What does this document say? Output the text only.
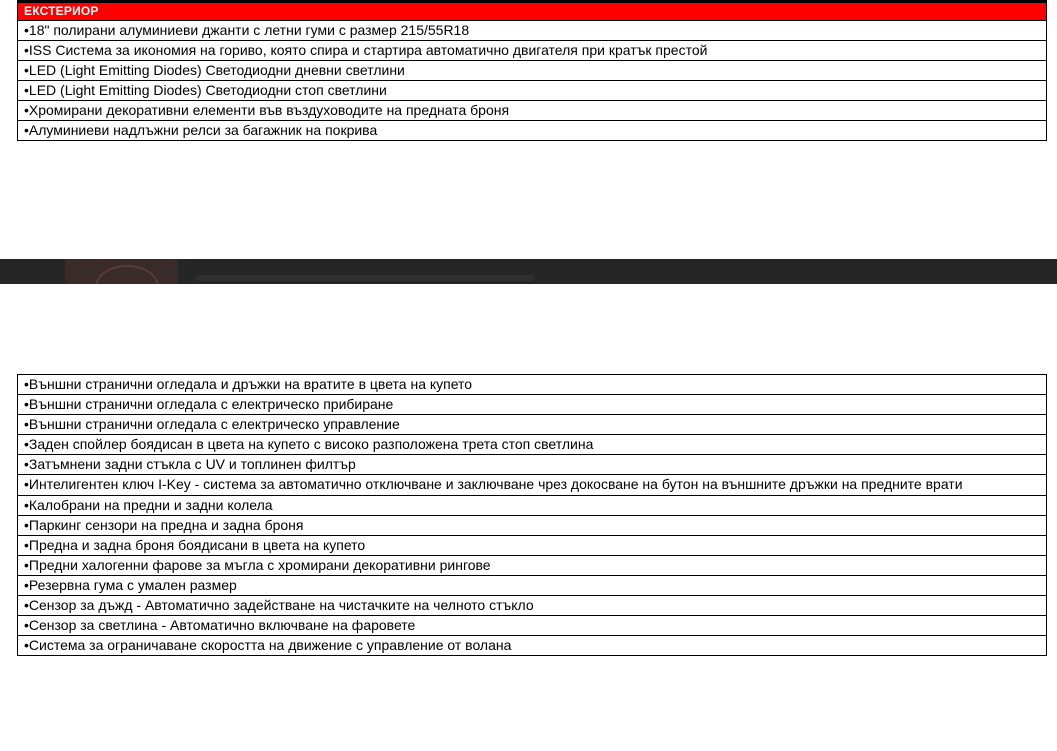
ЕКСТЕРИОР
•18" полирани алуминиеви джанти с летни гуми с размер 215/55R18
•ISS Система за икономия на гориво, която спира и стартира автоматично двигателя при кратък престой
•LED (Light Emitting Diodes) Светодиодни дневни светлини
•LED (Light Emitting Diodes) Светодиодни стоп светлини
•Хромирани декоративни елементи във въздуховодите на предната броня
•Алуминиеви надлъжни релси за багажник на покрива
•Външни странични огледала и дръжки на вратите в цвета на купето
•Външни странични огледала с електрическо прибиране
•Външни странични огледала с електрическо управление
•Заден спойлер боядисан в цвета на купето с високо разположена трета стоп светлина
•Затъмнени задни стъкла с UV и топлинен филтър
•Интелигентен ключ I-Key - система за автоматично отключване и заключване чрез докосване на бутон на външните дръжки на предните врати
•Калобрани на предни и задни колела
•Паркинг сензори на предна и задна броня
•Предна и задна броня боядисани в цвета на купето
•Предни халогенни фарове за мъгла с хромирани декоративни рингове
•Резервна гума с умален размер
•Сензор за дъжд - Автоматично задействане на чистачките на челното стъкло
•Сензор за светлина - Автоматично включване на фаровете
•Система за ограничаване скоростта на движение с управление от волана
